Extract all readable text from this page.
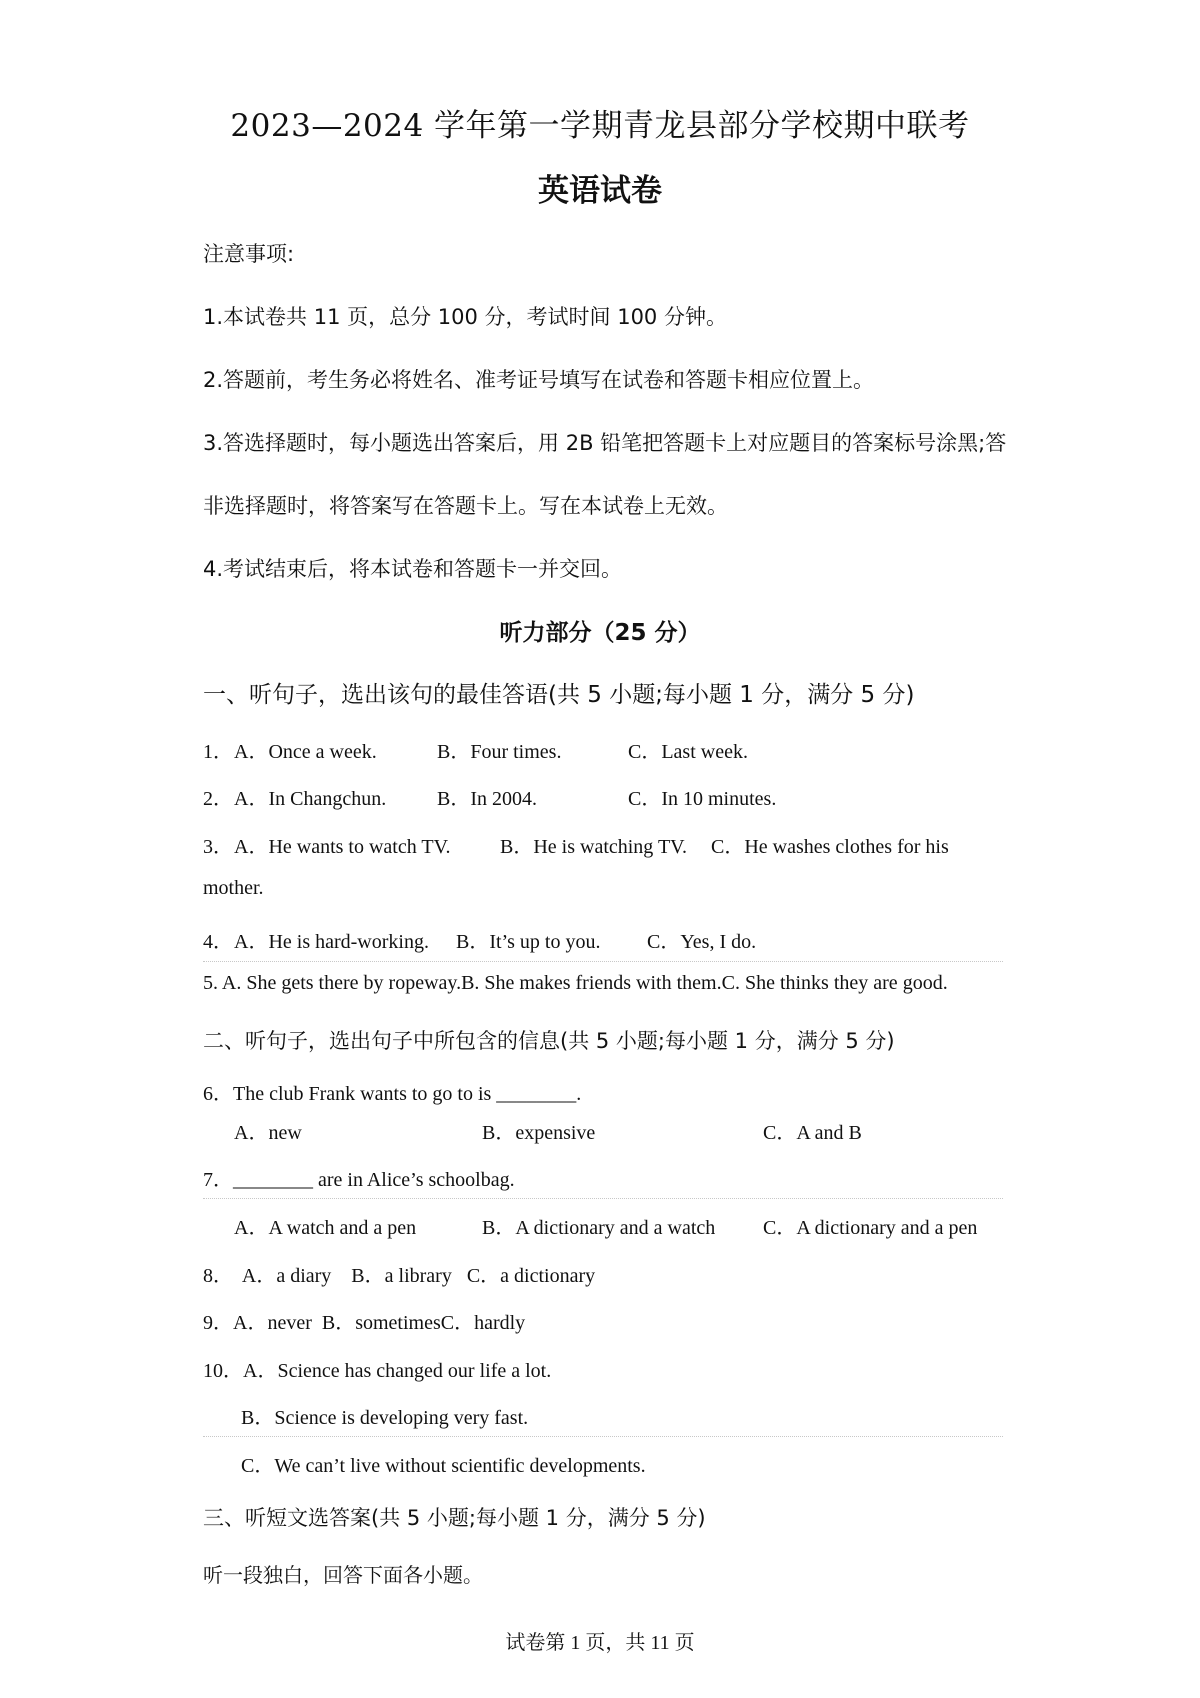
2023—2024 学年第一学期青龙县部分学校期中联考
英语试卷
注意事项:
1.本试卷共 11 页，总分 100 分，考试时间 100 分钟。
2.答题前，考生务必将姓名、准考证号填写在试卷和答题卡相应位置上。
3.答选择题时，每小题选出答案后，用 2B 铅笔把答题卡上对应题目的答案标号涂黑;答
非选择题时，将答案写在答题卡上。写在本试卷上无效。
4.考试结束后，将本试卷和答题卡一并交回。
听力部分（25 分）
一、听句子，选出该句的最佳答语(共 5 小题;每小题 1 分，满分 5 分)
1． A．Once a week.	B．Four times.	C．Last week.
2． A．In Changchun.	B．In 2004.	C．In 10 minutes.
3． A．He wants to watch TV. B．He is watching TV. C．He washes clothes for his
mother.
4． A．He is hard-working. B．It’s up to you. C．Yes, I do.
5. A. She gets there by ropeway.B. She makes friends with them.C. She thinks they are good.
二、听句子，选出句子中所包含的信息(共 5 小题;每小题 1 分，满分 5 分)
6．The club Frank wants to go to is ________.
A．new	B．expensive	C．A and B
7．________ are in Alice’s schoolbag.
A．A watch and a pen	B．A dictionary and a watch C．A dictionary and a pen
8．  A．a diary    B．a library   C．a dictionary
9．A．never  B．sometimesC．hardly
10．A．Science has changed our life a lot.
B．Science is developing very fast.
C．We can’t live without scientific developments.
三、听短文选答案(共 5 小题;每小题 1 分，满分 5 分)
听一段独白，回答下面各小题。
试卷第 1 页，共 11 页
